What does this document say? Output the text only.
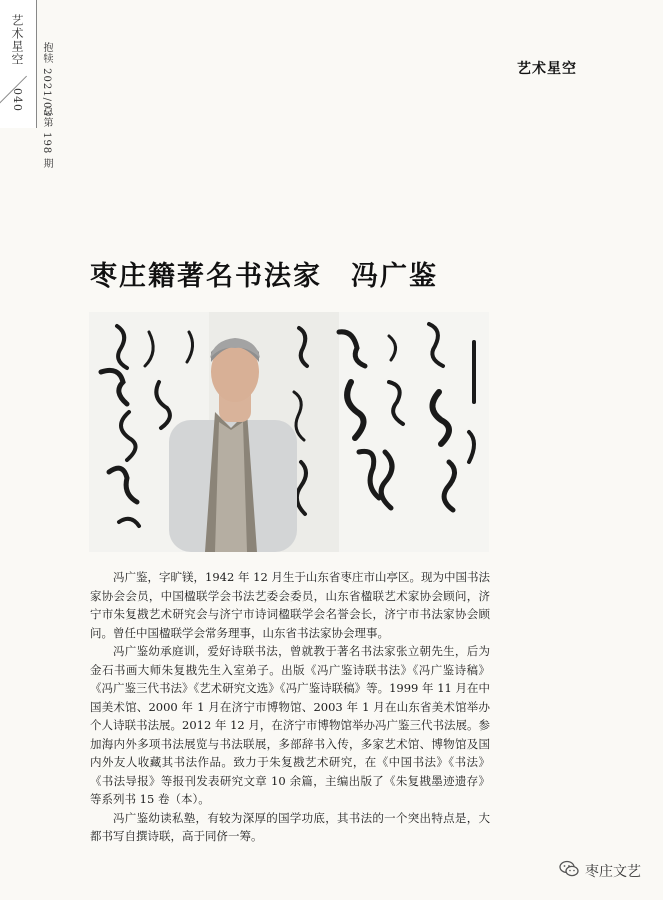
艺术星空
040 抱犊 2021/03
总第 198 期
艺术星空
枣庄籍著名书法家　冯广鉴

冯广鉴，字旷镁，1942 年 12 月生于山东省枣庄市山亭区。现为中国书法家协会会员，中国楹联学会书法艺委会委员，山东省楹联艺术家协会顾问，济宁市朱复戡艺术研究会与济宁市诗词楹联学会名誉会长，济宁市书法家协会顾问。曾任中国楹联学会常务理事，山东省书法家协会理事。

冯广鉴幼承庭训，爱好诗联书法，曾就教于著名书法家张立朝先生，后为金石书画大师朱复戡先生入室弟子。出版《冯广鉴诗联书法》《冯广鉴诗稿》《冯广鉴三代书法》《艺术研究文选》《冯广鉴诗联稿》等。1999 年 11 月在中国美术馆、2000 年 1 月在济宁市博物馆、2003 年 1 月在山东省美术馆举办个人诗联书法展。2012 年 12 月，在济宁市博物馆举办冯广鉴三代书法展。参加海内外多项书法展览与书法联展，多部辞书入传，多家艺术馆、博物馆及国内外友人收藏其书法作品。致力于朱复戡艺术研究，在《中国书法》《书法》《书法导报》等报刊发表研究文章 10 余篇，主编出版了《朱复戡墨迹遗存》等系列书 15 卷（本）。

冯广鉴幼读私塾，有较为深厚的国学功底，其书法的一个突出特点是，大都书写自撰诗联，高于同侪一筹。

枣庄文艺
